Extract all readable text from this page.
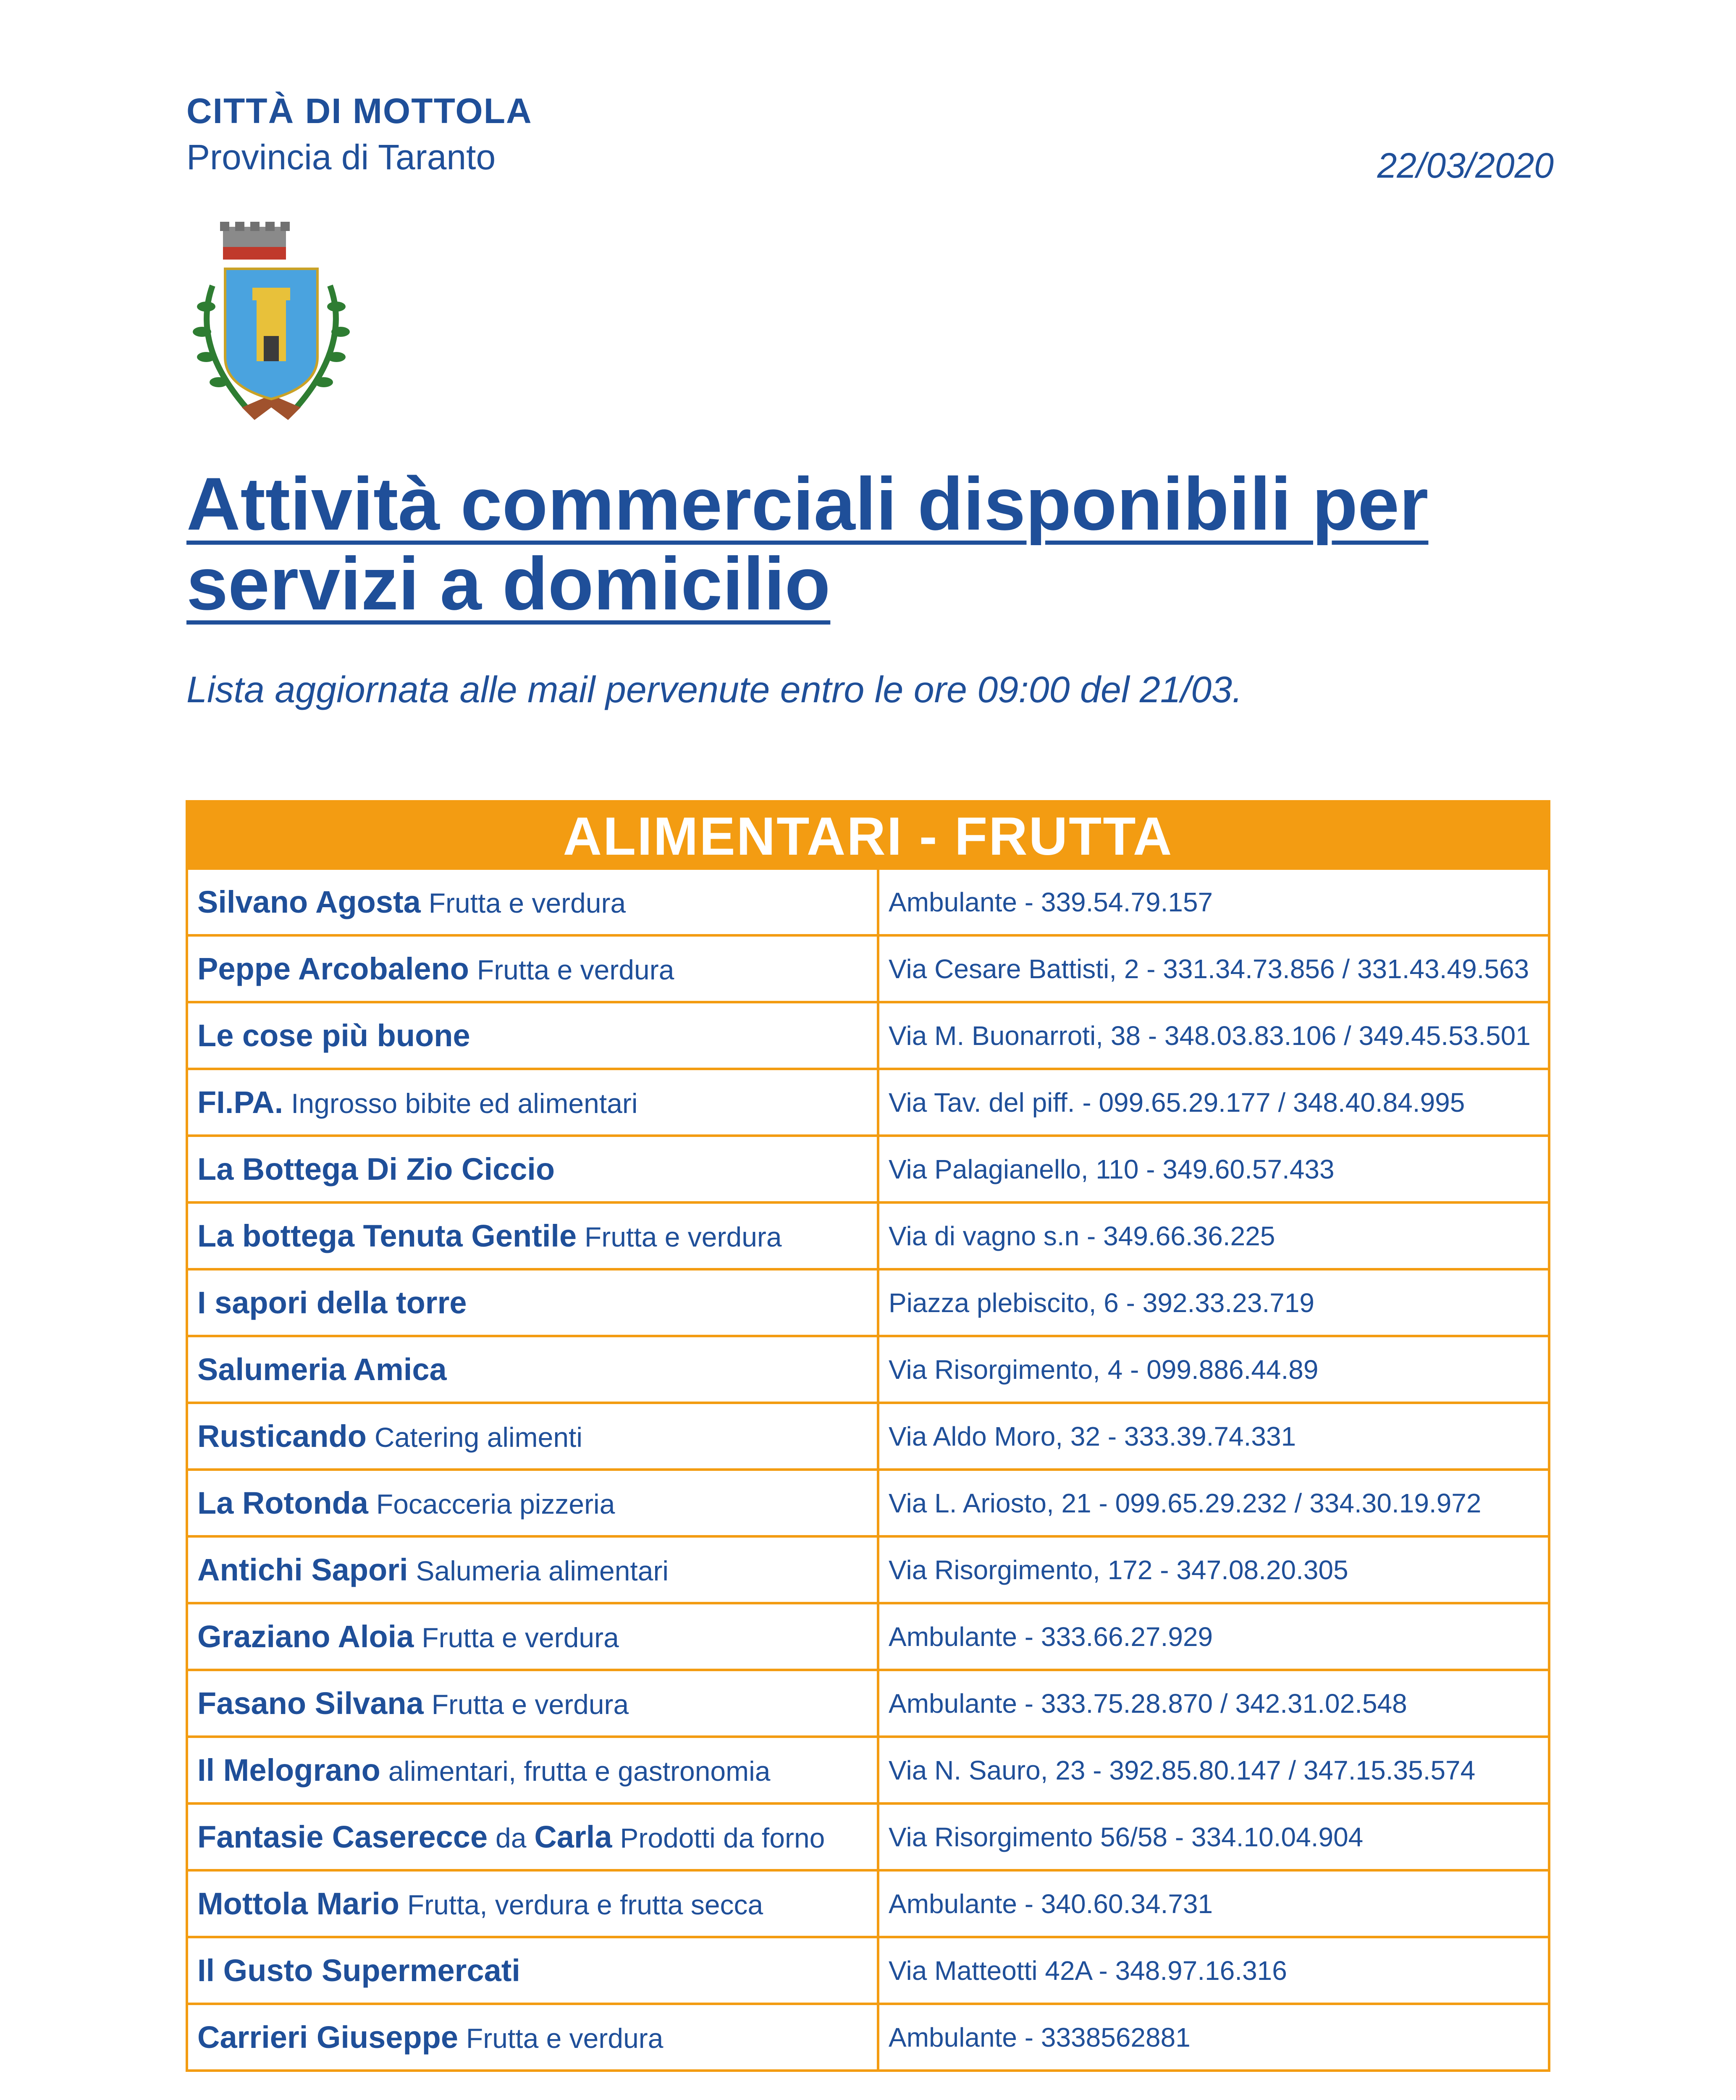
CITTÀ DI MOTTOLA
Provincia di Taranto	22/03/2020
Attività commerciali disponibili per servizi a domicilio
Lista aggiornata alle mail pervenute entro le ore 09:00 del 21/03.
ALIMENTARI - FRUTTA
Silvano Agosta Frutta e verdura	Ambulante - 339.54.79.157
Peppe Arcobaleno Frutta e verdura	Via Cesare Battisti, 2 - 331.34.73.856 / 331.43.49.563
Le cose più buone	Via M. Buonarroti, 38 - 348.03.83.106 / 349.45.53.501
FI.PA. Ingrosso bibite ed alimentari	Via Tav. del piff. - 099.65.29.177 / 348.40.84.995
La Bottega Di Zio Ciccio	Via Palagianello, 110 - 349.60.57.433
La bottega Tenuta Gentile Frutta e verdura	Via di vagno s.n - 349.66.36.225
I sapori della torre	Piazza plebiscito, 6 - 392.33.23.719
Salumeria Amica	Via Risorgimento, 4 - 099.886.44.89
Rusticando Catering alimenti	Via Aldo Moro, 32 - 333.39.74.331
La Rotonda Focacceria pizzeria	Via L. Ariosto, 21 - 099.65.29.232 / 334.30.19.972
Antichi Sapori Salumeria alimentari	Via Risorgimento, 172 - 347.08.20.305
Graziano Aloia Frutta e verdura	Ambulante - 333.66.27.929
Fasano Silvana Frutta e verdura	Ambulante - 333.75.28.870 / 342.31.02.548
Il Melograno alimentari, frutta e gastronomia	Via N. Sauro, 23 - 392.85.80.147 / 347.15.35.574
Fantasie Caserecce da Carla Prodotti da forno	Via Risorgimento 56/58 - 334.10.04.904
Mottola Mario Frutta, verdura e frutta secca	Ambulante - 340.60.34.731
Il Gusto Supermercati	Via Matteotti 42A - 348.97.16.316
Carrieri Giuseppe Frutta e verdura	Ambulante - 3338562881
